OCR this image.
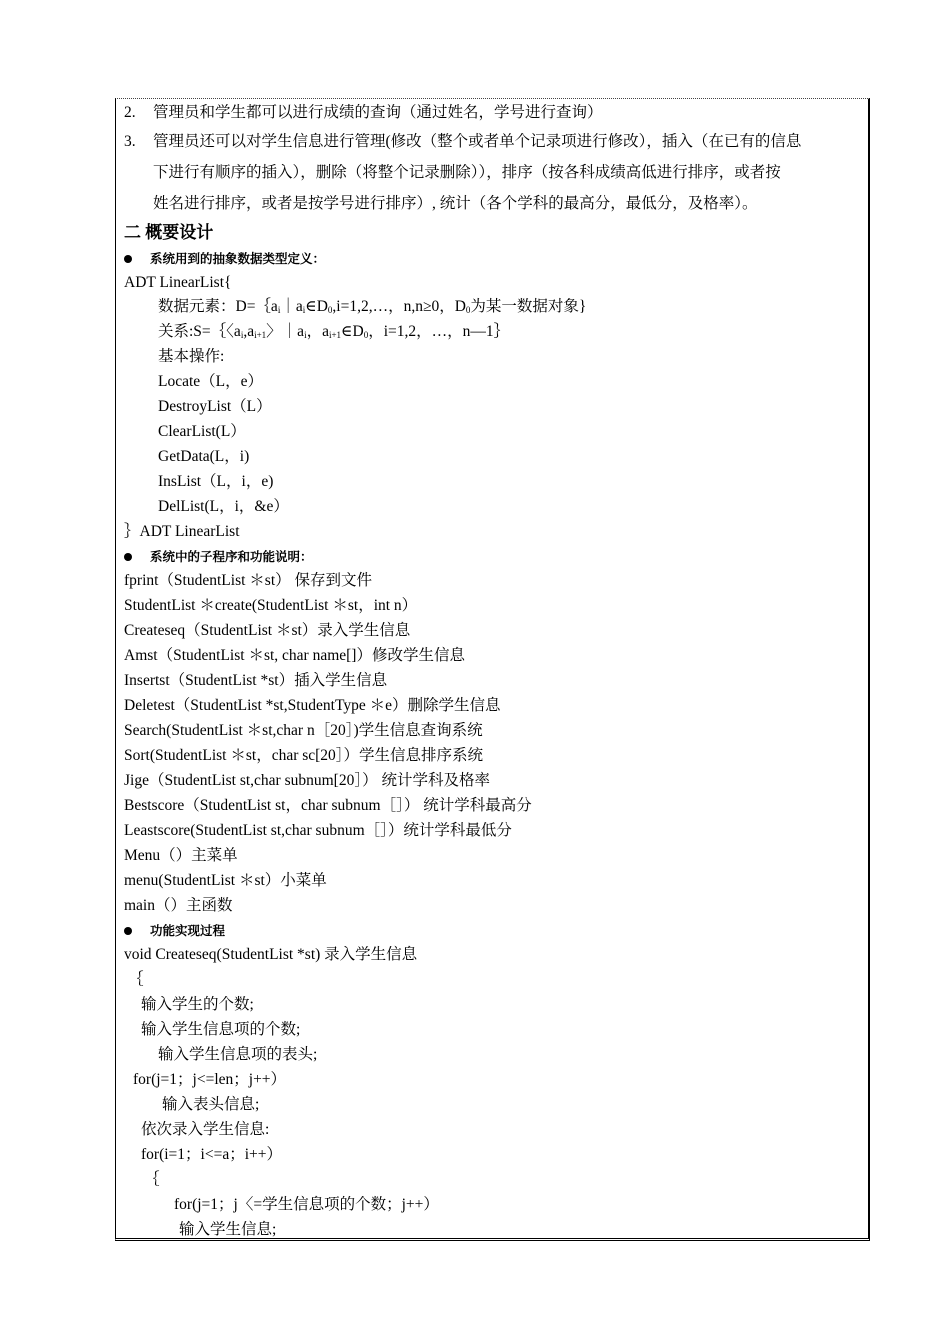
2. 管理员和学生都可以进行成绩的查询（通过姓名，学号进行查询）
3. 管理员还可以对学生信息进行管理(修改（整个或者单个记录项进行修改），插入（在已有的信息
下进行有顺序的插入），删除（将整个记录删除）），排序（按各科成绩高低进行排序，或者按
姓名进行排序，或者是按学号进行排序）, 统计（各个学科的最高分，最低分，及格率）。
二 概要设计
系统用到的抽象数据类型定义：
ADT LinearList{
数据元素：$D=\{a_i|a_i\in D_0,i=1,2,\dots$，n,n≥0，$D_0$为某一数据对象}
关系:S=｛〈$a_i,a_{i+1}$〉$|a_i$，$a_{i+1}\in D_0$，i=1,2，…，n—1｝
基本操作:
Locate（L，e）
DestroyList（L）
ClearList(L）
GetData(L，i)
InsList（L，i，e)
DelList(L，i，&e）
｝ADT LinearList
系统中的子程序和功能说明：
fprint（StudentList ＊st） 保存到文件
StudentList ＊create(StudentList ＊st，int n）
Createseq（StudentList ＊st）录入学生信息
Amst（StudentList ＊st, char name[]）修改学生信息
Insertst（StudentList *st）插入学生信息
Deletest（StudentList *st,StudentType ＊e）删除学生信息
Search(StudentList ＊st,char n［20］)学生信息查询系统
Sort(StudentList ＊st，char sc[20］）学生信息排序系统
Jige（StudentList st,char subnum[20］） 统计学科及格率
Bestscore（StudentList st，char subnum［］） 统计学科最高分
Leastscore(StudentList st,char subnum［］）统计学科最低分
Menu（）主菜单
menu(StudentList ＊st）小菜单
main（）主函数
功能实现过程
void Createseq(StudentList *st) 录入学生信息
｛
输入学生的个数;
输入学生信息项的个数;
输入学生信息项的表头;
for(j=1；j<=len；j++）
输入表头信息;
依次录入学生信息:
for(i=1；i<=a；i++）
｛
for(j=1；j〈=学生信息项的个数；j++）
输入学生信息;
